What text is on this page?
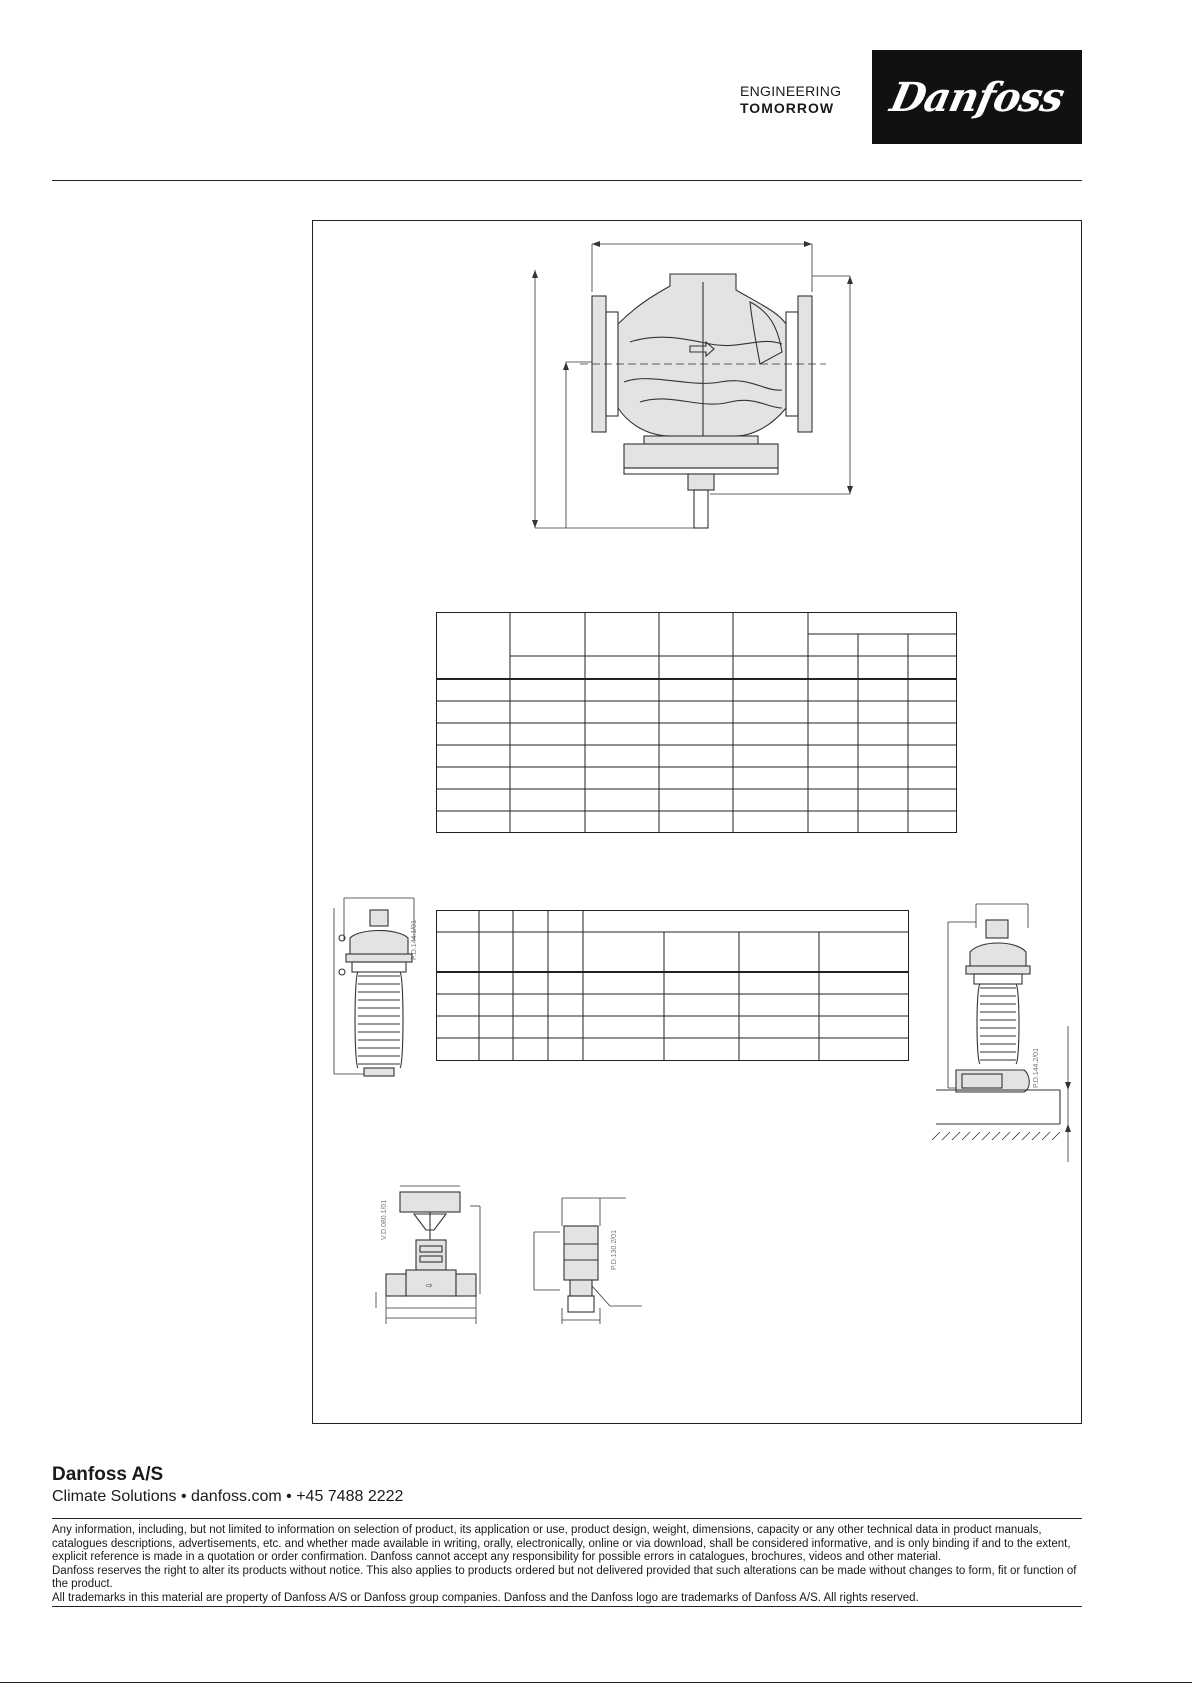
ENGINEERING
TOMORROW	Danfoss
P.D.144.1/01
P.D.144.2/01
⇨
V.D.080.1/01
P.D.130.2/01
Danfoss A/S
Climate Solutions • danfoss.com • +45 7488 2222

Any information, including, but not limited to information on selection of product, its application or use, product design, weight, dimensions, capacity or any other technical data in product manuals, catalogues descriptions, advertisements, etc. and whether made available in writing, orally, electronically, online or via download, shall be considered informative, and is only binding if and to the extent, explicit reference is made in a quotation or order confirmation. Danfoss cannot accept any responsibility for possible errors in catalogues, brochures, videos and other material.

Danfoss reserves the right to alter its products without notice. This also applies to products ordered but not delivered provided that such alterations can be made without changes to form, fit or function of the product.

All trademarks in this material are property of Danfoss A/S or Danfoss group companies. Danfoss and the Danfoss logo are trademarks of Danfoss A/S. All rights reserved.
